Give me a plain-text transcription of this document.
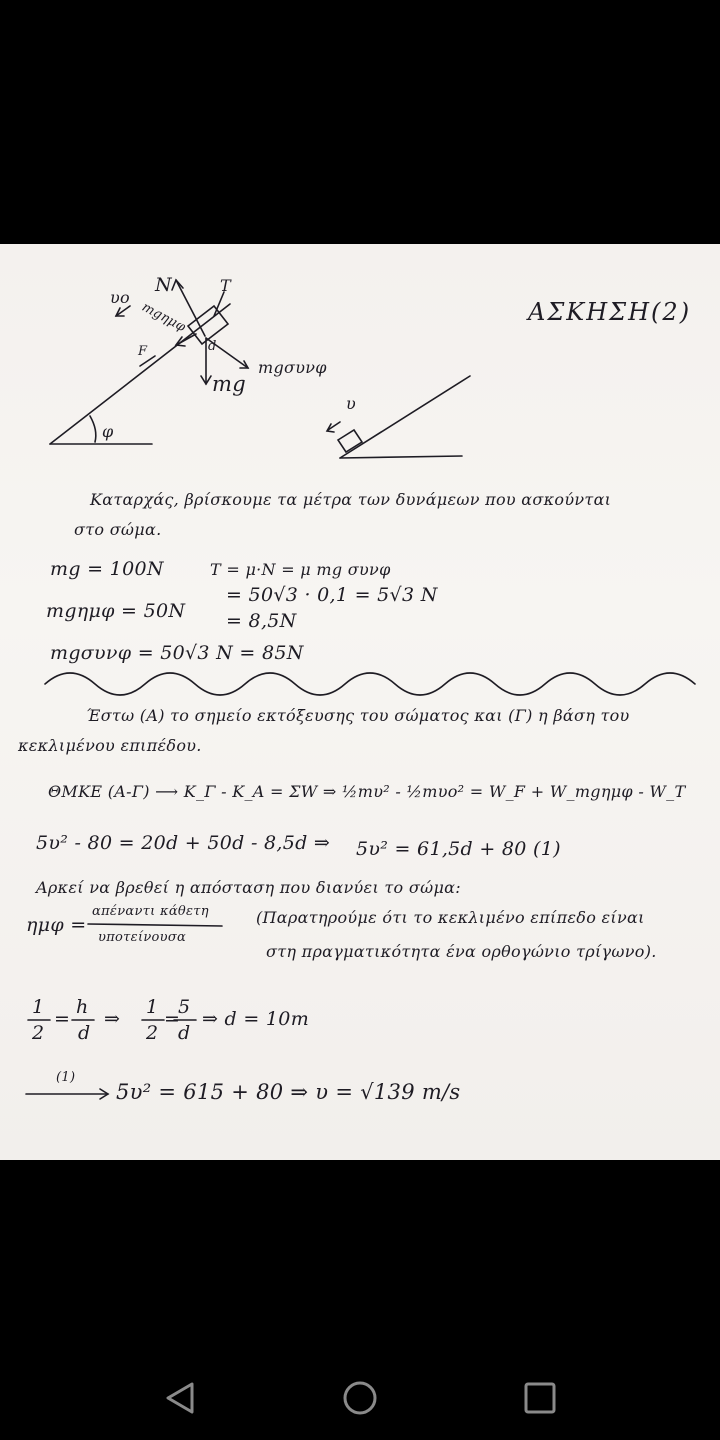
υο
N	T
F
mgημφ
d
mg
mgσυνφ
φ
υ
ΑΣΚΗΣΗ(2)
Καταρχάς, βρίσκουμε τα μέτρα των δυνάμεων που ασκούνται
στο σώμα.
mg = 100N
mgημφ = 50N
mgσυνφ = 50√3 N = 85N
T = μ·N = μ mg συνφ
= 50√3 · 0,1 = 5√3 N
= 8,5N
Έστω (Α) το σημείο εκτόξευσης του σώματος και (Γ) η βάση του
κεκλιμένου επιπέδου.
ΘΜΚΕ (Α-Γ) ⟶ Κ_Γ - Κ_Α = ΣW ⇒ ½mυ² - ½mυο² = W_F + W_mgημφ - W_T
5υ² - 80 = 20d + 50d - 8,5d ⇒ 5υ² = 61,5d + 80 (1)
Αρκεί να βρεθεί η απόσταση που διανύει το σώμα:
ημφ =
απέναντι κάθετη
υποτείνουσα
(Παρατηρούμε ότι το κεκλιμένο επίπεδο είναι
στη πραγματικότητα ένα ορθογώνιο τρίγωνο).
1
2
=
h
d
⇒
1
2
=
5
d
⇒ d = 10m
(1)
5υ² = 615 + 80 ⇒ υ = √139 m/s
